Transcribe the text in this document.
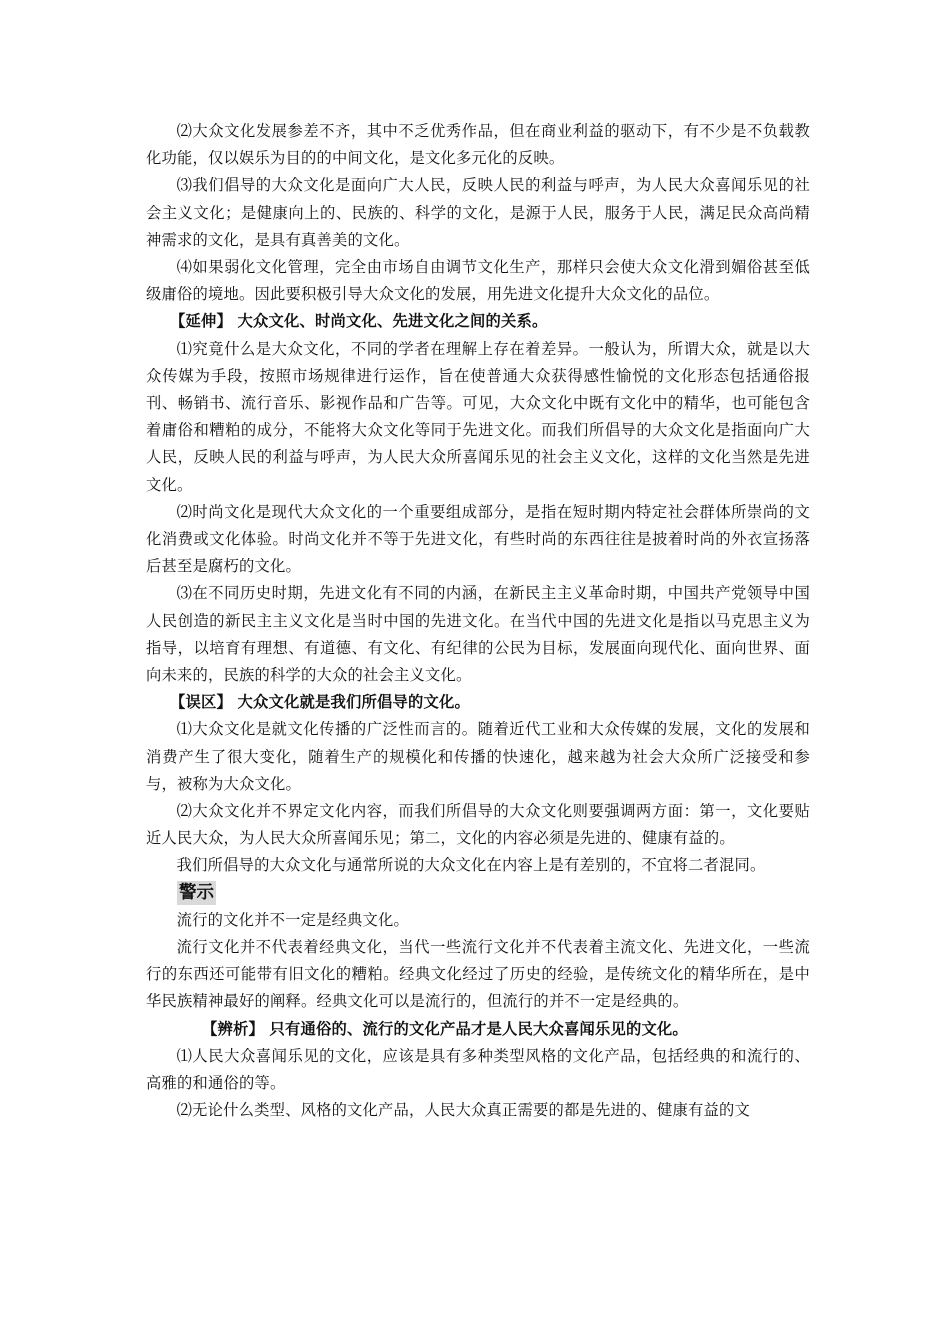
⑵大众文化发展参差不齐，其中不乏优秀作品，但在商业利益的驱动下，有不少是不负载教化功能，仅以娱乐为目的的中间文化，是文化多元化的反映。

⑶我们倡导的大众文化是面向广大人民，反映人民的利益与呼声，为人民大众喜闻乐见的社会主义文化；是健康向上的、民族的、科学的文化，是源于人民，服务于人民，满足民众高尚精神需求的文化，是具有真善美的文化。

⑷如果弱化文化管理，完全由市场自由调节文化生产，那样只会使大众文化滑到媚俗甚至低级庸俗的境地。因此要积极引导大众文化的发展，用先进文化提升大众文化的品位。

【延伸】 大众文化、时尚文化、先进文化之间的关系。

⑴究竟什么是大众文化，不同的学者在理解上存在着差异。一般认为，所谓大众，就是以大众传媒为手段，按照市场规律进行运作，旨在使普通大众获得感性愉悦的文化形态包括通俗报刊、畅销书、流行音乐、影视作品和广告等。可见，大众文化中既有文化中的精华，也可能包含着庸俗和糟粕的成分，不能将大众文化等同于先进文化。而我们所倡导的大众文化是指面向广大人民，反映人民的利益与呼声，为人民大众所喜闻乐见的社会主义文化，这样的文化当然是先进文化。

⑵时尚文化是现代大众文化的一个重要组成部分，是指在短时期内特定社会群体所崇尚的文化消费或文化体验。时尚文化并不等于先进文化，有些时尚的东西往往是披着时尚的外衣宣扬落后甚至是腐朽的文化。

⑶在不同历史时期，先进文化有不同的内涵，在新民主主义革命时期，中国共产党领导中国人民创造的新民主主义文化是当时中国的先进文化。在当代中国的先进文化是指以马克思主义为指导，以培育有理想、有道德、有文化、有纪律的公民为目标，发展面向现代化、面向世界、面向未来的，民族的科学的大众的社会主义文化。

【误区】 大众文化就是我们所倡导的文化。

⑴大众文化是就文化传播的广泛性而言的。随着近代工业和大众传媒的发展，文化的发展和消费产生了很大变化，随着生产的规模化和传播的快速化，越来越为社会大众所广泛接受和参与，被称为大众文化。

⑵大众文化并不界定文化内容，而我们所倡导的大众文化则要强调两方面：第一，文化要贴近人民大众，为人民大众所喜闻乐见；第二，文化的内容必须是先进的、健康有益的。

我们所倡导的大众文化与通常所说的大众文化在内容上是有差别的，不宜将二者混同。

警示

流行的文化并不一定是经典文化。

流行文化并不代表着经典文化，当代一些流行文化并不代表着主流文化、先进文化，一些流行的东西还可能带有旧文化的糟粕。经典文化经过了历史的经验，是传统文化的精华所在，是中华民族精神最好的阐释。经典文化可以是流行的，但流行的并不一定是经典的。

【辨析】 只有通俗的、流行的文化产品才是人民大众喜闻乐见的文化。

⑴人民大众喜闻乐见的文化，应该是具有多种类型风格的文化产品，包括经典的和流行的、高雅的和通俗的等。

⑵无论什么类型、风格的文化产品，人民大众真正需要的都是先进的、健康有益的文
